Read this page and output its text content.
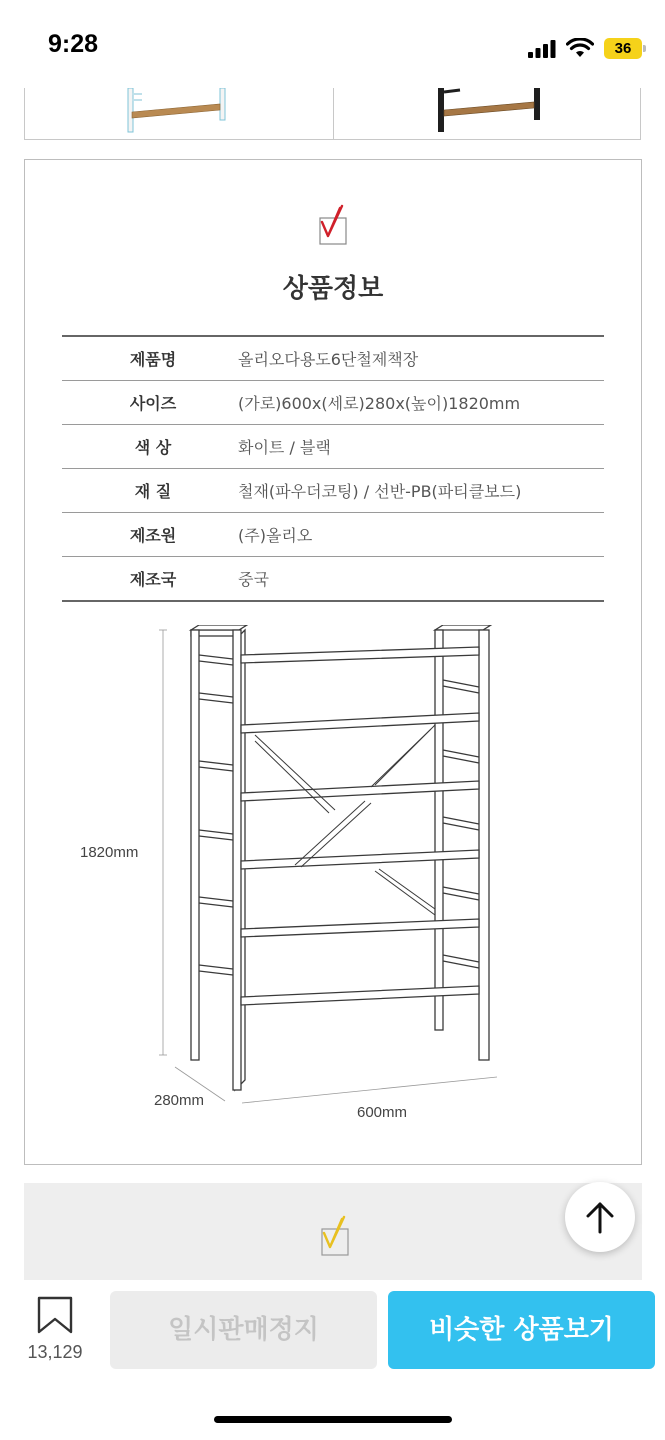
9:28	36
상품정보
제품명	올리오다용도6단철제책장
사이즈	(가로)600x(세로)280x(높이)1820mm
색 상	화이트 / 블랙
재 질	철재(파우더코팅) / 선반-PB(파티클보드)
제조원	(주)올리오
제조국	중국
1820mm
280mm
600mm
13,129
일시판매정지	비슷한 상품보기
